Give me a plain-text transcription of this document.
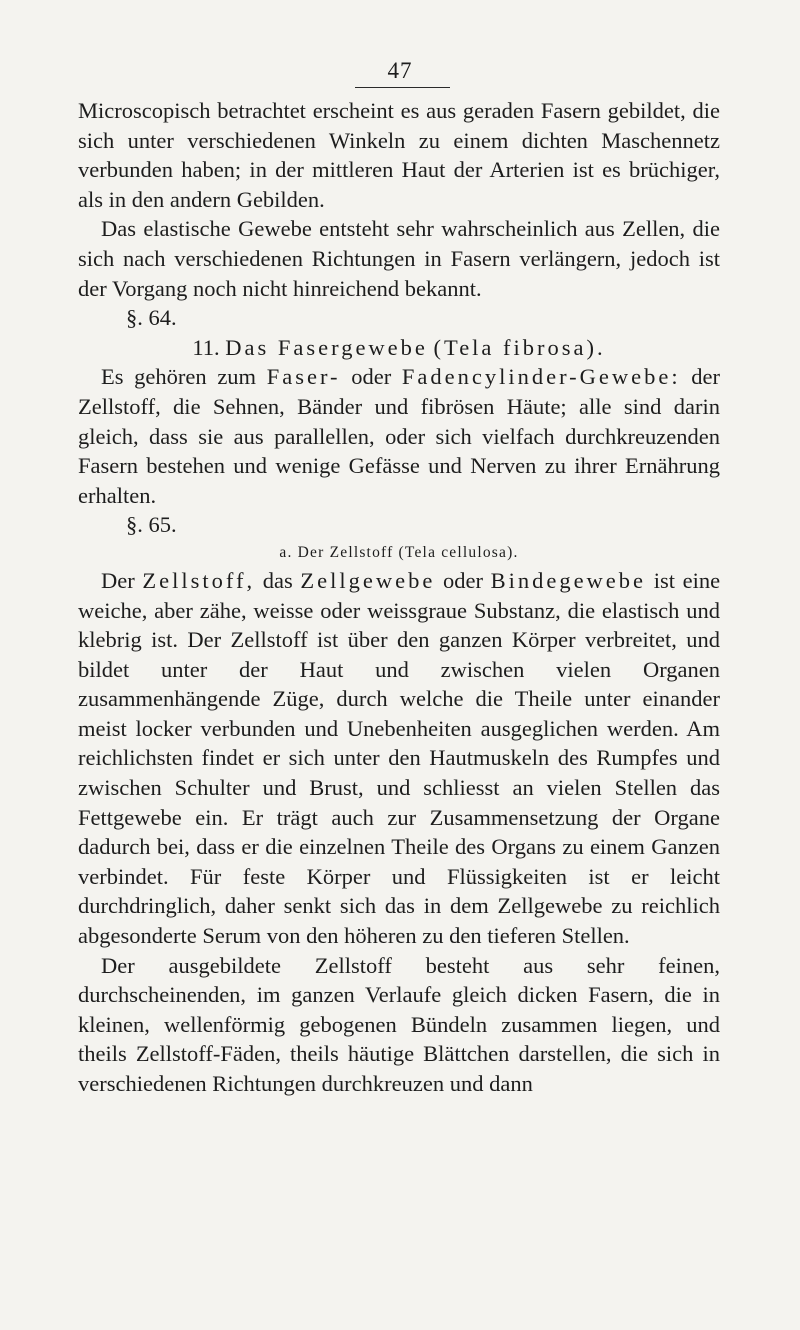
47

Microscopisch betrachtet erscheint es aus geraden Fasern gebildet, die sich unter verschiedenen Winkeln zu einem dichten Maschennetz verbunden haben; in der mittleren Haut der Arterien ist es brüchiger, als in den andern Gebilden.

Das elastische Gewebe entsteht sehr wahrscheinlich aus Zellen, die sich nach verschiedenen Richtungen in Fasern verlängern, jedoch ist der Vorgang noch nicht hinreichend bekannt.

§. 64.

11. Das Fasergewebe (Tela fibrosa).

Es gehören zum Faser- oder Fadencylinder-Gewebe: der Zellstoff, die Sehnen, Bänder und fibrösen Häute; alle sind darin gleich, dass sie aus parallellen, oder sich vielfach durchkreuzenden Fasern bestehen und wenige Gefässe und Nerven zu ihrer Ernährung erhalten.

§. 65.

a. Der Zellstoff (Tela cellulosa).

Der Zellstoff, das Zellgewebe oder Bindegewebe ist eine weiche, aber zähe, weisse oder weissgraue Substanz, die elastisch und klebrig ist. Der Zellstoff ist über den ganzen Körper verbreitet, und bildet unter der Haut und zwischen vielen Organen zusammenhängende Züge, durch welche die Theile unter einander meist locker verbunden und Unebenheiten ausgeglichen werden. Am reichlichsten findet er sich unter den Hautmuskeln des Rumpfes und zwischen Schulter und Brust, und schliesst an vielen Stellen das Fettgewebe ein. Er trägt auch zur Zusammensetzung der Organe dadurch bei, dass er die einzelnen Theile des Organs zu einem Ganzen verbindet. Für feste Körper und Flüssigkeiten ist er leicht durchdringlich, daher senkt sich das in dem Zellgewebe zu reichlich abgesonderte Serum von den höheren zu den tieferen Stellen.

Der ausgebildete Zellstoff besteht aus sehr feinen, durchscheinenden, im ganzen Verlaufe gleich dicken Fasern, die in kleinen, wellenförmig gebogenen Bündeln zusammen liegen, und theils Zellstoff-Fäden, theils häutige Blättchen darstellen, die sich in verschiedenen Richtungen durchkreuzen und dann
